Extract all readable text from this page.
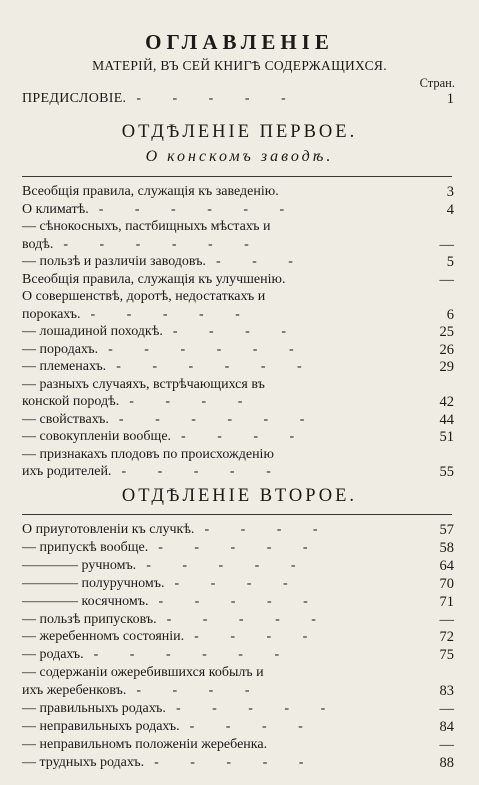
ОГЛАВЛЕНІЕ
МАТЕРІЙ, ВЪ СЕЙ КНИГѢ СОДЕРЖАЩИХСЯ.
Стран.
ПРЕДИСЛОВІЕ. - - - - -	1
ОТДѢЛЕНІЕ ПЕРВОЕ.
О конскомъ заводѣ.
Всеобщія правила, служащія къ заведенію.	3
О климатѣ. - - - - - -	4
— сѣнокосныхъ, пастбищныхъ мѣстахъ и
водѣ. - - - - - -	—
— пользѣ и различіи заводовъ. - - -	5
Всеобщія правила, служащія къ улучшенію.	—
О совершенствѣ, доротѣ, недостаткахъ и
порокахъ. - - - - -	6
— лошадиной походкѣ. - - - -	25
— породахъ. - - - - - -	26
— племенахъ. - - - - - -	29
— разныхъ случаяхъ, встрѣчающихся въ
конской породѣ. - - - -	42
— свойствахъ. - - - - - -	44
— совокупленіи вообще. - - - -	51
— признакахъ плодовъ по происхожденію
ихъ родителей. - - - - -	55
ОТДѢЛЕНІЕ ВТОРОЕ.
О приуготовленіи къ случкѣ. - - - -	57
— припускѣ вообще. - - - - -	58
———— ручномъ. - - - - -	64
———— полуручномъ. - - - -	70
———— косячномъ. - - - - -	71
— пользѣ припусковъ. - - - - -	—
— жеребенномъ состояніи. - - - -	72
— родахъ. - - - - - -	75
— содержаніи ожеребившихся кобылъ и
ихъ жеребенковъ. - - - -	83
— правильныхъ родахъ. - - - - -	—
— неправильныхъ родахъ. - - - -	84
— неправильномъ положеніи жеребенка.	—
— трудныхъ родахъ. - - - - -	88
